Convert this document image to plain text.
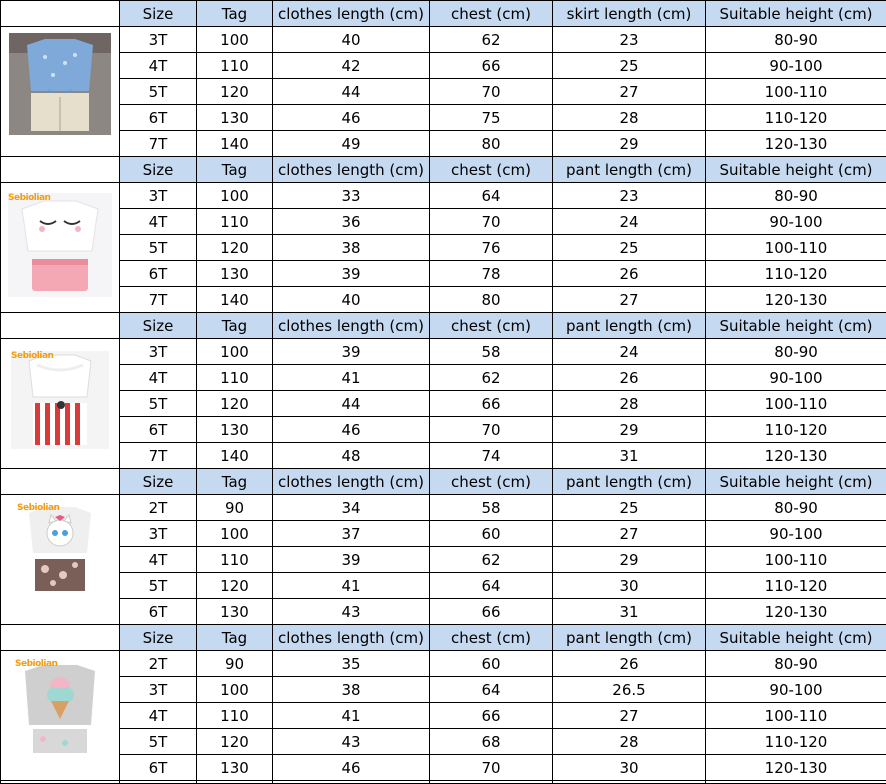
	Size	Tag	clothes length (cm)	chest (cm)	skirt length (cm)	Suitable height (cm)

	3T	100	40	62	23	80-90
	4T	110	42	66	25	90-100
	5T	120	44	70	27	100-110
	6T	130	46	75	28	110-120
	7T	140	49	80	29	120-130
	Size	Tag	clothes length (cm)	chest (cm)	pant length (cm)	Suitable height (cm)

Sebiolian	3T	100	33	64	23	80-90
	4T	110	36	70	24	90-100
	5T	120	38	76	25	100-110
	6T	130	39	78	26	110-120
	7T	140	40	80	27	120-130
	Size	Tag	clothes length (cm)	chest (cm)	pant length (cm)	Suitable height (cm)

Sebiolian	3T	100	39	58	24	80-90
	4T	110	41	62	26	90-100
	5T	120	44	66	28	100-110
	6T	130	46	70	29	110-120
	7T	140	48	74	31	120-130
	Size	Tag	clothes length (cm)	chest (cm)	pant length (cm)	Suitable height (cm)

Sebiolian	2T	90	34	58	25	80-90
	3T	100	37	60	27	90-100
	4T	110	39	62	29	100-110
	5T	120	41	64	30	110-120
	6T	130	43	66	31	120-130
	Size	Tag	clothes length (cm)	chest (cm)	pant length (cm)	Suitable height (cm)

Sebiolian	2T	90	35	60	26	80-90
	3T	100	38	64	26.5	90-100
	4T	110	41	66	27	100-110
	5T	120	43	68	28	110-120
	6T	130	46	70	30	120-130
